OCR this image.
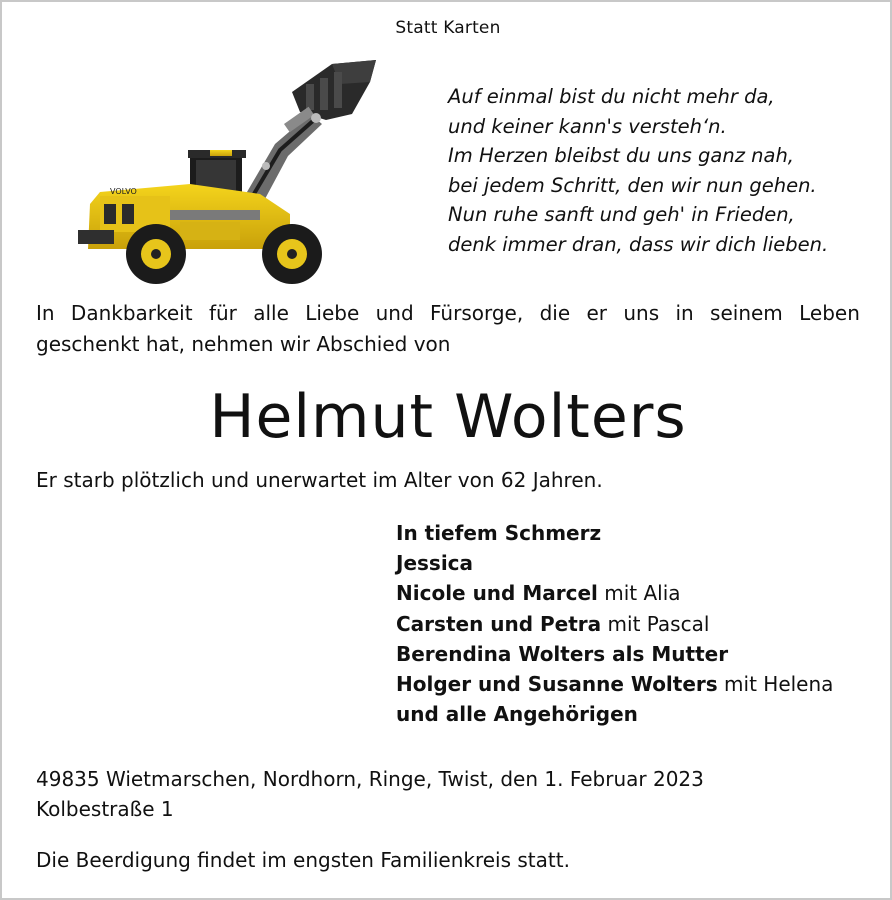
Statt Karten
VOLVO
Auf einmal bist du nicht mehr da,
und keiner kann's versteh‘n.
Im Herzen bleibst du uns ganz nah,
bei jedem Schritt, den wir nun gehen.
Nun ruhe sanft und geh' in Frieden,
denk immer dran, dass wir dich lieben.
In Dankbarkeit für alle Liebe und Fürsorge, die er uns in seinem Leben
geschenkt hat, nehmen wir Abschied von
Helmut Wolters
Er starb plötzlich und unerwartet im Alter von 62 Jahren.
In tiefem Schmerz
Jessica
Nicole und Marcel mit Alia
Carsten und Petra mit Pascal
Berendina Wolters als Mutter
Holger und Susanne Wolters mit Helena
und alle Angehörigen
49835 Wietmarschen, Nordhorn, Ringe, Twist, den 1. Februar 2023
Kolbestraße 1
Die Beerdigung findet im engsten Familienkreis statt.
